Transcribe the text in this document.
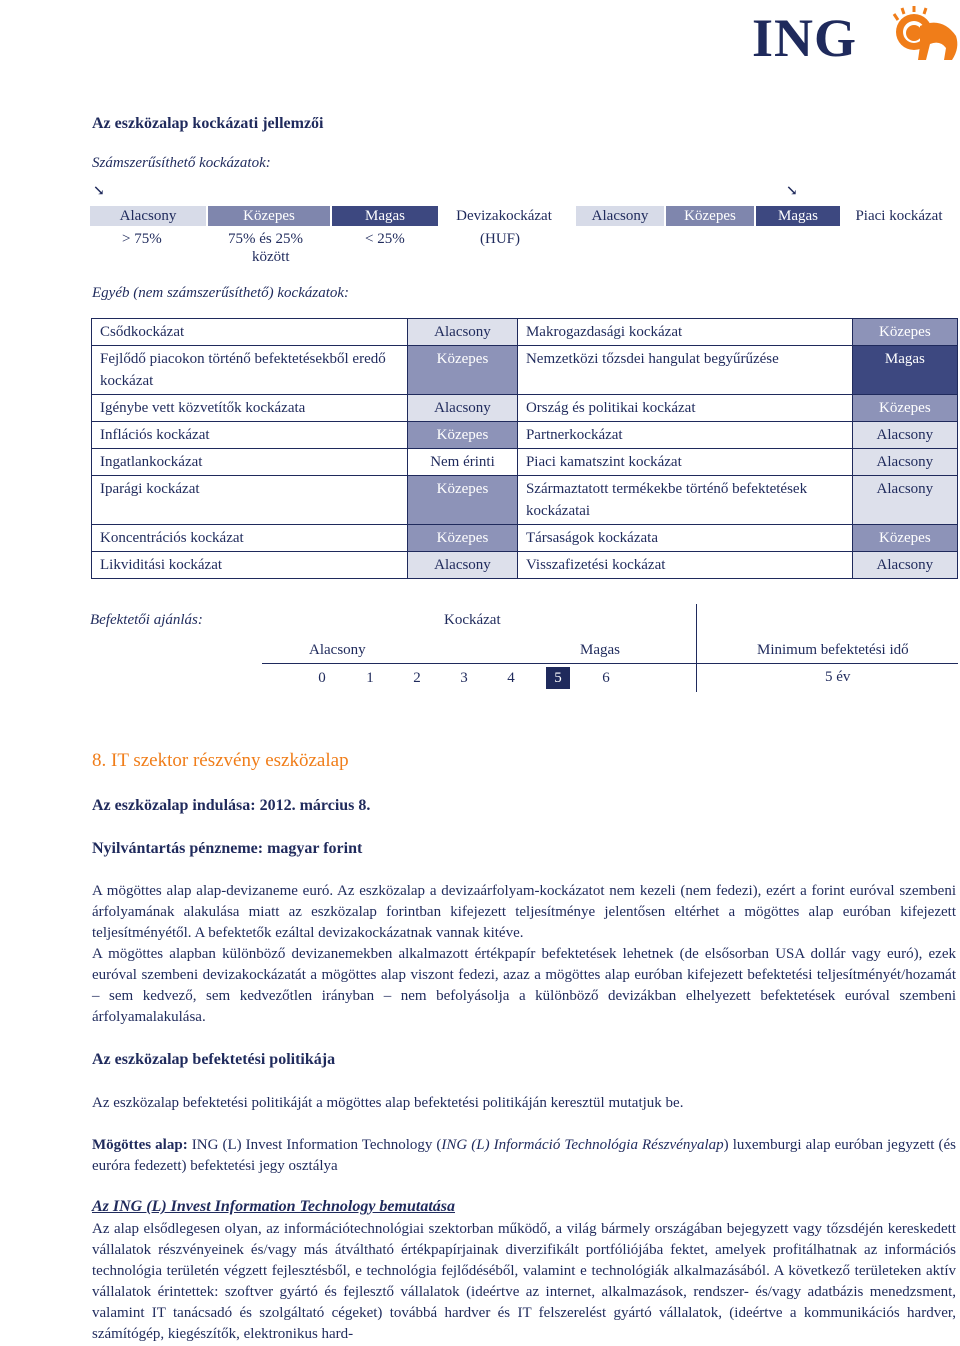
ING
Az eszközalap kockázati jellemzői
Számszerűsíthető kockázatok:
↘	↘
Alacsony	Közepes	Magas	Devizakockázat	Alacsony	Közepes	Magas	Piaci kockázat
> 75%	75% és 25%
között
< 25%	(HUF)
Egyéb (nem számszerűsíthető) kockázatok:
Csődkockázat	Alacsony	Makrogazdasági kockázat	Közepes
Fejlődő piacokon történő befektetésekből eredő kockázat	Közepes	Nemzetközi tőzsdei hangulat begyűrűzése	Magas
Igénybe vett közvetítők kockázata	Alacsony	Ország és politikai kockázat	Közepes
Inflációs kockázat	Közepes	Partnerkockázat	Alacsony
Ingatlankockázat	Nem érinti	Piaci kamatszint kockázat	Alacsony
Iparági kockázat	Közepes	Származtatott termékekbe történő befektetések kockázatai	Alacsony
Koncentrációs kockázat	Közepes	Társaságok kockázata	Közepes
Likviditási kockázat	Alacsony	Visszafizetési kockázat	Alacsony
Befektetői ajánlás:	Kockázat
Alacsony	Magas	Minimum befektetési idő
0	1	2	3	4	5	6	5 év
8. IT szektor részvény eszközalap
Az eszközalap indulása: 2012. március 8.
Nyilvántartás pénzneme: magyar forint
A mögöttes alap alap-devizaneme euró. Az eszközalap a devizaárfolyam-kockázatot nem kezeli (nem fedezi), ezért a forint euróval szembeni árfolyamának alakulása miatt az eszközalap forintban kifejezett teljesítménye jelentősen eltérhet a mögöttes alap euróban kifejezett teljesítményétől. A befektetők ezáltal devizakockázatnak vannak kitéve.
A mögöttes alapban különböző devizanemekben alkalmazott értékpapír befektetések lehetnek (de elsősorban USA dollár vagy euró), ezek euróval szembeni devizakockázatát a mögöttes alap viszont fedezi, azaz a mögöttes alap euróban kifejezett befektetési teljesítményét/hozamát – sem kedvező, sem kedvezőtlen irányban – nem befolyásolja a különböző devizákban elhelyezett befektetések euróval szembeni árfolyamalakulása.
Az eszközalap befektetési politikája
Az eszközalap befektetési politikáját a mögöttes alap befektetési politikáján keresztül mutatjuk be.
Mögöttes alap: ING (L) Invest Information Technology (ING (L) Információ Technológia Részvényalap) luxemburgi alap euróban jegyzett (és euróra fedezett) befektetési jegy osztálya
Az ING (L) Invest Information Technology bemutatása
Az alap elsődlegesen olyan, az információtechnológiai szektorban működő, a világ bármely országában bejegyzett vagy tőzsdéjén kereskedett vállalatok részvényeinek és/vagy más átváltható értékpapírjainak diverzifikált portfóliójába fektet, amelyek profitálhatnak az információs technológia területén végzett fejlesztésből, e technológia fejlődéséből, valamint e technológiák alkalmazásából. A következő területeken aktív vállalatok érintettek: szoftver gyártó és fejlesztő vállalatok (ideértve az internet, alkalmazások, rendszer- és/vagy adatbázis menedzsment, valamint IT tanácsadó és szolgáltató cégeket) továbbá hardver és IT felszerelést gyártó vállalatok, (ideértve a kommunikációs hardver, számítógép, kiegészítők, elektronikus hard-
